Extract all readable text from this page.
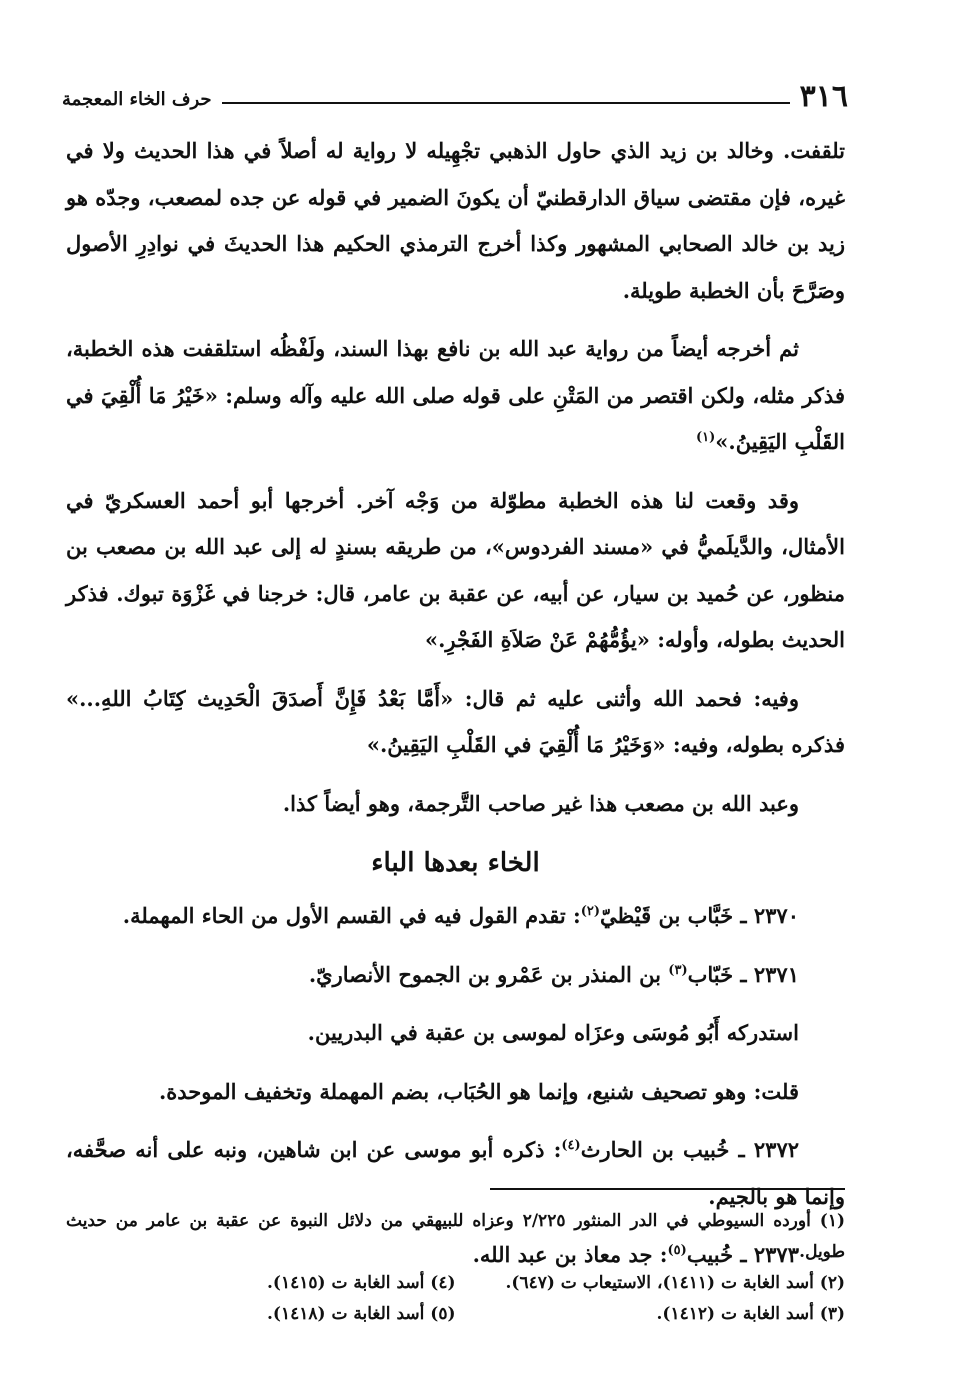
٣١٦
حرف الخاء المعجمة

تلقفت. وخالد بن زيد الذي حاول الذهبي تجْهِيله لا رواية له أصلاً في هذا الحديث ولا في غيره، فإن مقتضى سياق الدارقطنيّ أن يكونَ الضمير في قوله عن جده لمصعب، وجدّه هو زيد بن خالد الصحابي المشهور وكذا أخرج الترمذي الحكيم هذا الحديثَ في نوادِرِ الأصول وصَرَّحَ بأن الخطبة طويلة.

ثم أخرجه أيضاً من رواية عبد الله بن نافع بهذا السند، ولَفْظُه استلقفت هذه الخطبة، فذكر مثله، ولكن اقتصر من المَتْنِ على قوله صلى الله عليه وآله وسلم: «خَيْرُ مَا أُلْقِيَ في القَلْبِ اليَقِينُ.»$^{(١)}$

وقد وقعت لنا هذه الخطبة مطوّلة من وَجْه آخر. أخرجها أبو أحمد العسكريّ في الأمثال، والدَّيلَميُّ في «مسند الفردوس»، من طريقه بسندٍ له إلى عبد الله بن مصعب بن منظور، عن حُميد بن سيار، عن أبيه، عن عقبة بن عامر، قال: خرجنا في غَزْوَة تبوك. فذكر الحديث بطوله، وأوله: «يؤُمُّهُمْ عَنْ صَلاَةِ الفَجْرِ.»

وفيه: فحمد الله وأثنى عليه ثم قال: «أَمَّا بَعْدُ فَإِنَّ أَصدَقَ الْحَدِيث كِتَابُ اللهِ...» فذكره بطوله، وفيه: «وَخَيْرُ مَا أُلْقِيَ في القَلْبِ اليَقِينُ.»

وعبد الله بن مصعب هذا غير صاحب التَّرجمة، وهو أيضاً كذا.

الخاء بعدها الباء

٢٣٧٠ ـ خَبَّاب بن قَيْظيّ$^{(٢)}$: تقدم القول فيه في القسم الأول من الحاء المهملة.

٢٣٧١ ـ خَبّاب$^{(٣)}$ بن المنذر بن عَمْرو بن الجموح الأنصاريّ.

استدركه أَبُو مُوسَى وعزَاه لموسى بن عقبة في البدريين.

قلت: وهو تصحيف شنيع، وإنما هو الحُبَاب، بضم المهملة وتخفيف الموحدة.

٢٣٧٢ ـ خُبيب بن الحارث$^{(٤)}$: ذكره أبو موسى عن ابن شاهين، ونبه على أنه صحَّفه، وإنما هو بالجيم.

٢٣٧٣ ـ خُبيب$^{(٥)}$: جد معاذ بن عبد الله.

(١) أورده السيوطي في الدر المنثور ٢/٢٢٥ وعزاه للبيهقي من دلائل النبوة عن عقبة بن عامر من حديث طويل.

(٢) أسد الغابة ت (١٤١١)، الاستيعاب ت (٦٤٧).
(٤) أسد الغابة ت (١٤١٥).
(٣) أسد الغابة ت (١٤١٢).
(٥) أسد الغابة ت (١٤١٨).
